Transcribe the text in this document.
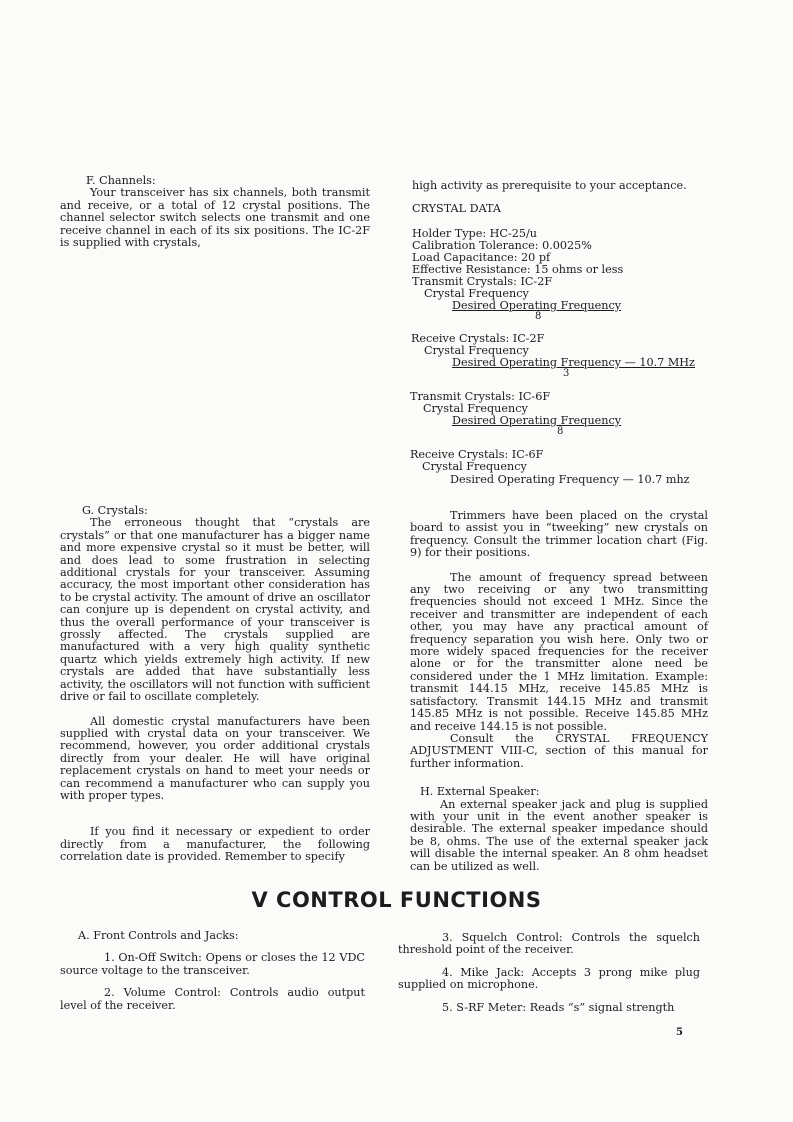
F. Channels:

Your transceiver has six channels, both transmit and receive, or a total of 12 crystal positions. The channel selector switch selects one transmit and one receive channel in each of its six positions. The IC-2F is supplied with crystals,

high activity as prerequisite to your acceptance.
CRYSTAL DATA
Holder Type: HC-25/u
Calibration Tolerance: 0.0025%
Load Capacitance: 20 pf
Effective Resistance: 15 ohms or less
Transmit Crystals: IC-2F
Crystal Frequency
Desired Operating Frequency
8
Receive Crystals: IC-2F
Crystal Frequency
Desired Operating Frequency — 10.7 MHz
3
Transmit Crystals: IC-6F
Crystal Frequency
Desired Operating Frequency
8
Receive Crystals: IC-6F
Crystal Frequency
Desired Operating Frequency — 10.7 mhz

G. Crystals:

The erroneous thought that “crystals are crystals” or that one manufacturer has a bigger name and more expensive crystal so it must be better, will and does lead to some frustration in selecting additional crystals for your transceiver. Assuming accuracy, the most important other consideration has to be crystal activity. The amount of drive an oscillator can conjure up is dependent on crystal activity, and thus the overall performance of your transceiver is grossly affected. The crystals supplied are manufactured with a very high quality synthetic quartz which yields extremely high activity. If new crystals are added that have substantially less activity, the oscillators will not function with sufficient drive or fail to oscillate completely.

All domestic crystal manufacturers have been supplied with crystal data on your transceiver. We recommend, however, you order additional crystals directly from your dealer. He will have original replacement crystals on hand to meet your needs or can recommend a manufacturer who can supply you with proper types.

If you find it necessary or expedient to order directly from a manufacturer, the following correlation date is provided. Remember to specify

Trimmers have been placed on the crystal board to assist you in “tweeking” new crystals on frequency. Consult the trimmer location chart (Fig. 9) for their positions.

The amount of frequency spread between any two receiving or any two transmitting frequencies should not exceed 1 MHz. Since the receiver and transmitter are independent of each other, you may have any practical amount of frequency separation you wish here. Only two or more widely spaced frequencies for the receiver alone or for the transmitter alone need be considered under the 1 MHz limitation. Example: transmit 144.15 MHz, receive 145.85 MHz is satisfactory. Transmit 144.15 MHz and transmit 145.85 MHz is not possible. Receive 145.85 MHz and receive 144.15 is not possible.

Consult the CRYSTAL FREQUENCY ADJUSTMENT VIII-C, section of this manual for further information.

H. External Speaker:

An external speaker jack and plug is supplied with your unit in the event another speaker is desirable. The external speaker impedance should be 8, ohms. The use of the external speaker jack will disable the internal speaker. An 8 ohm headset can be utilized as well.

V CONTROL FUNCTIONS

A. Front Controls and Jacks:

1. On-Off Switch: Opens or closes the 12 VDC source voltage to the transceiver.

2. Volume Control: Controls audio output level of the receiver.

3. Squelch Control: Controls the squelch threshold point of the receiver.

4. Mike Jack: Accepts 3 prong mike plug supplied on microphone.

5. S-RF Meter: Reads “s” signal strength

5
